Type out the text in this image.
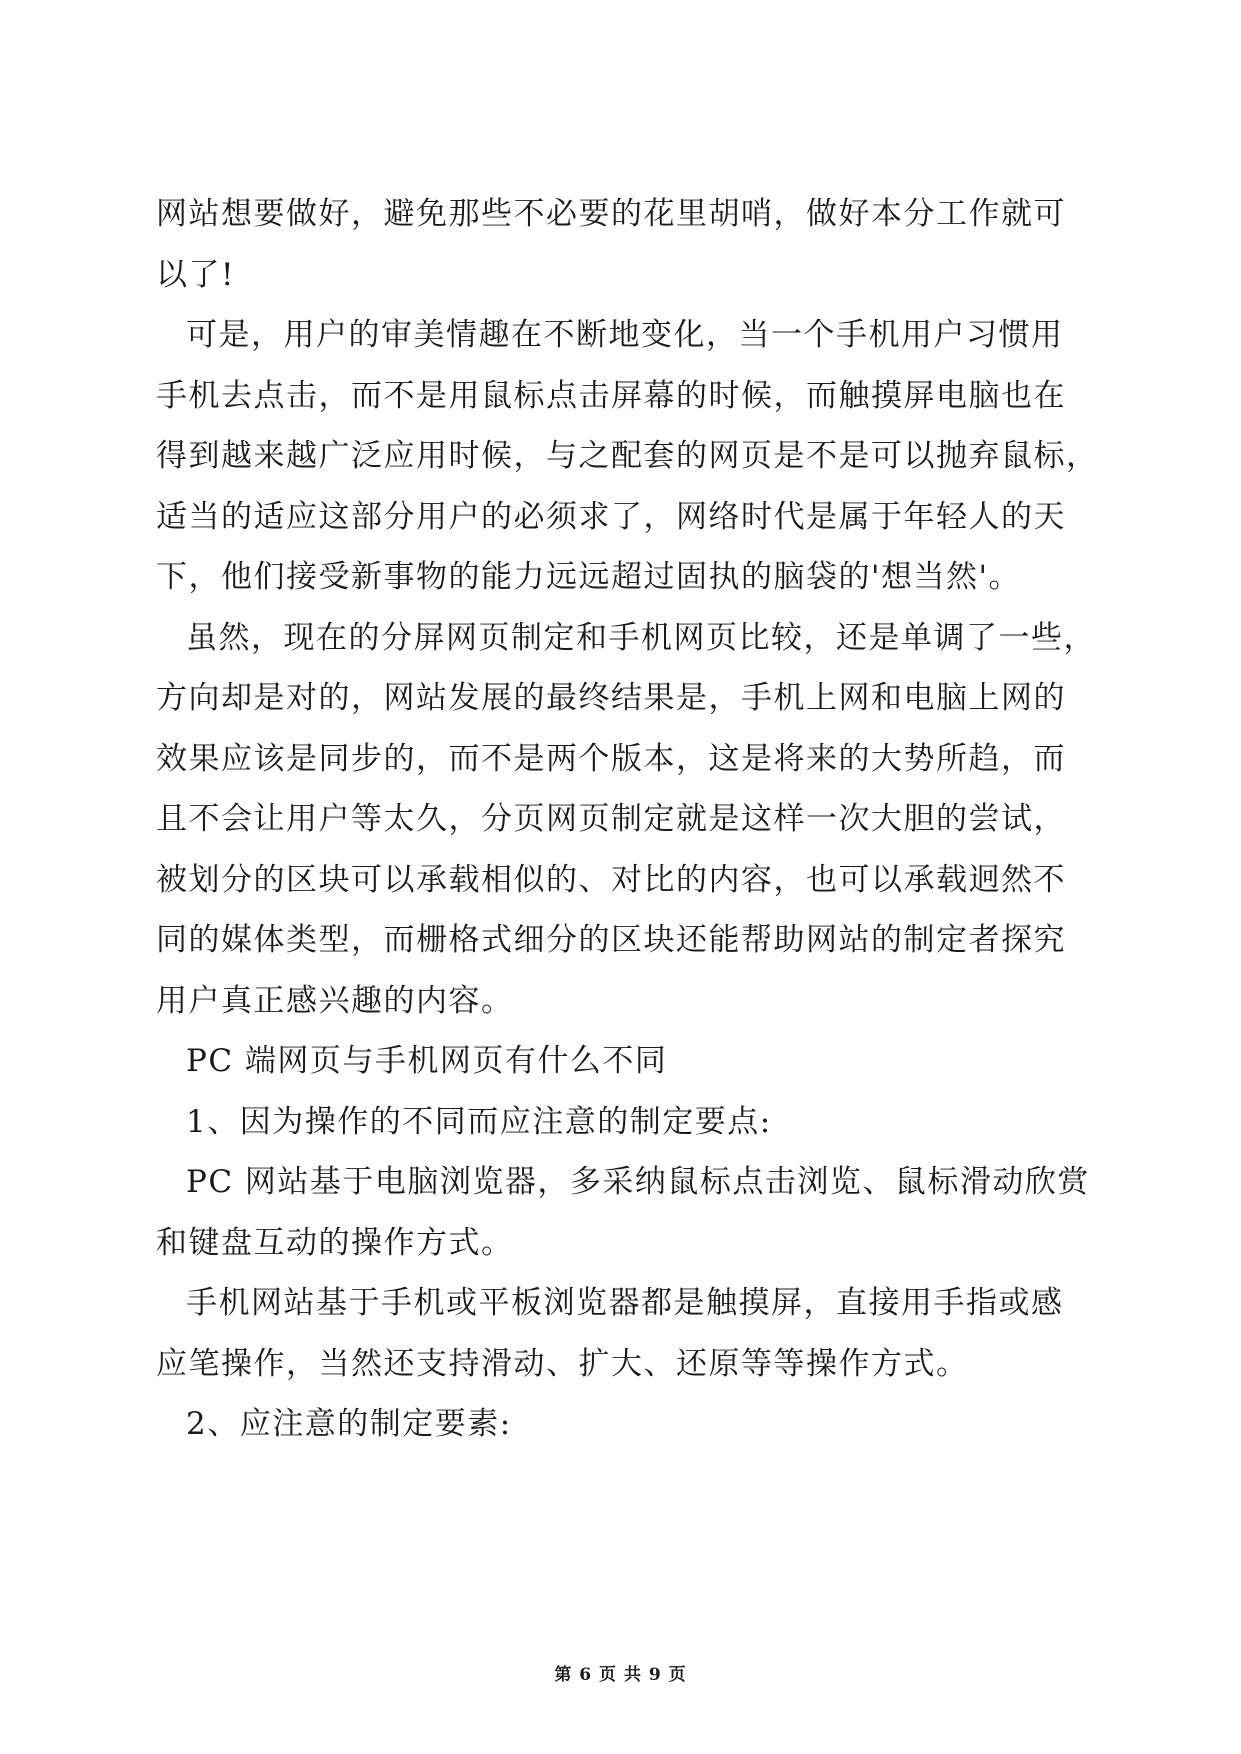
网站想要做好，避免那些不必要的花里胡哨，做好本分工作就可
以了!
可是，用户的审美情趣在不断地变化，当一个手机用户习惯用
手机去点击，而不是用鼠标点击屏幕的时候，而触摸屏电脑也在
得到越来越广泛应用时候，与之配套的网页是不是可以抛弃鼠标，
适当的适应这部分用户的必须求了，网络时代是属于年轻人的天
下，他们接受新事物的能力远远超过固执的脑袋的'想当然'。
虽然，现在的分屏网页制定和手机网页比较，还是单调了一些，
方向却是对的，网站发展的最终结果是，手机上网和电脑上网的
效果应该是同步的，而不是两个版本，这是将来的大势所趋，而
且不会让用户等太久，分页网页制定就是这样一次大胆的尝试，
被划分的区块可以承载相似的、对比的内容，也可以承载迥然不
同的媒体类型，而栅格式细分的区块还能帮助网站的制定者探究
用户真正感兴趣的内容。
PC 端网页与手机网页有什么不同
1、因为操作的不同而应注意的制定要点:
PC 网站基于电脑浏览器，多采纳鼠标点击浏览、鼠标滑动欣赏
和键盘互动的操作方式。
手机网站基于手机或平板浏览器都是触摸屏，直接用手指或感
应笔操作，当然还支持滑动、扩大、还原等等操作方式。
2、应注意的制定要素:
第 6 页 共 9 页
